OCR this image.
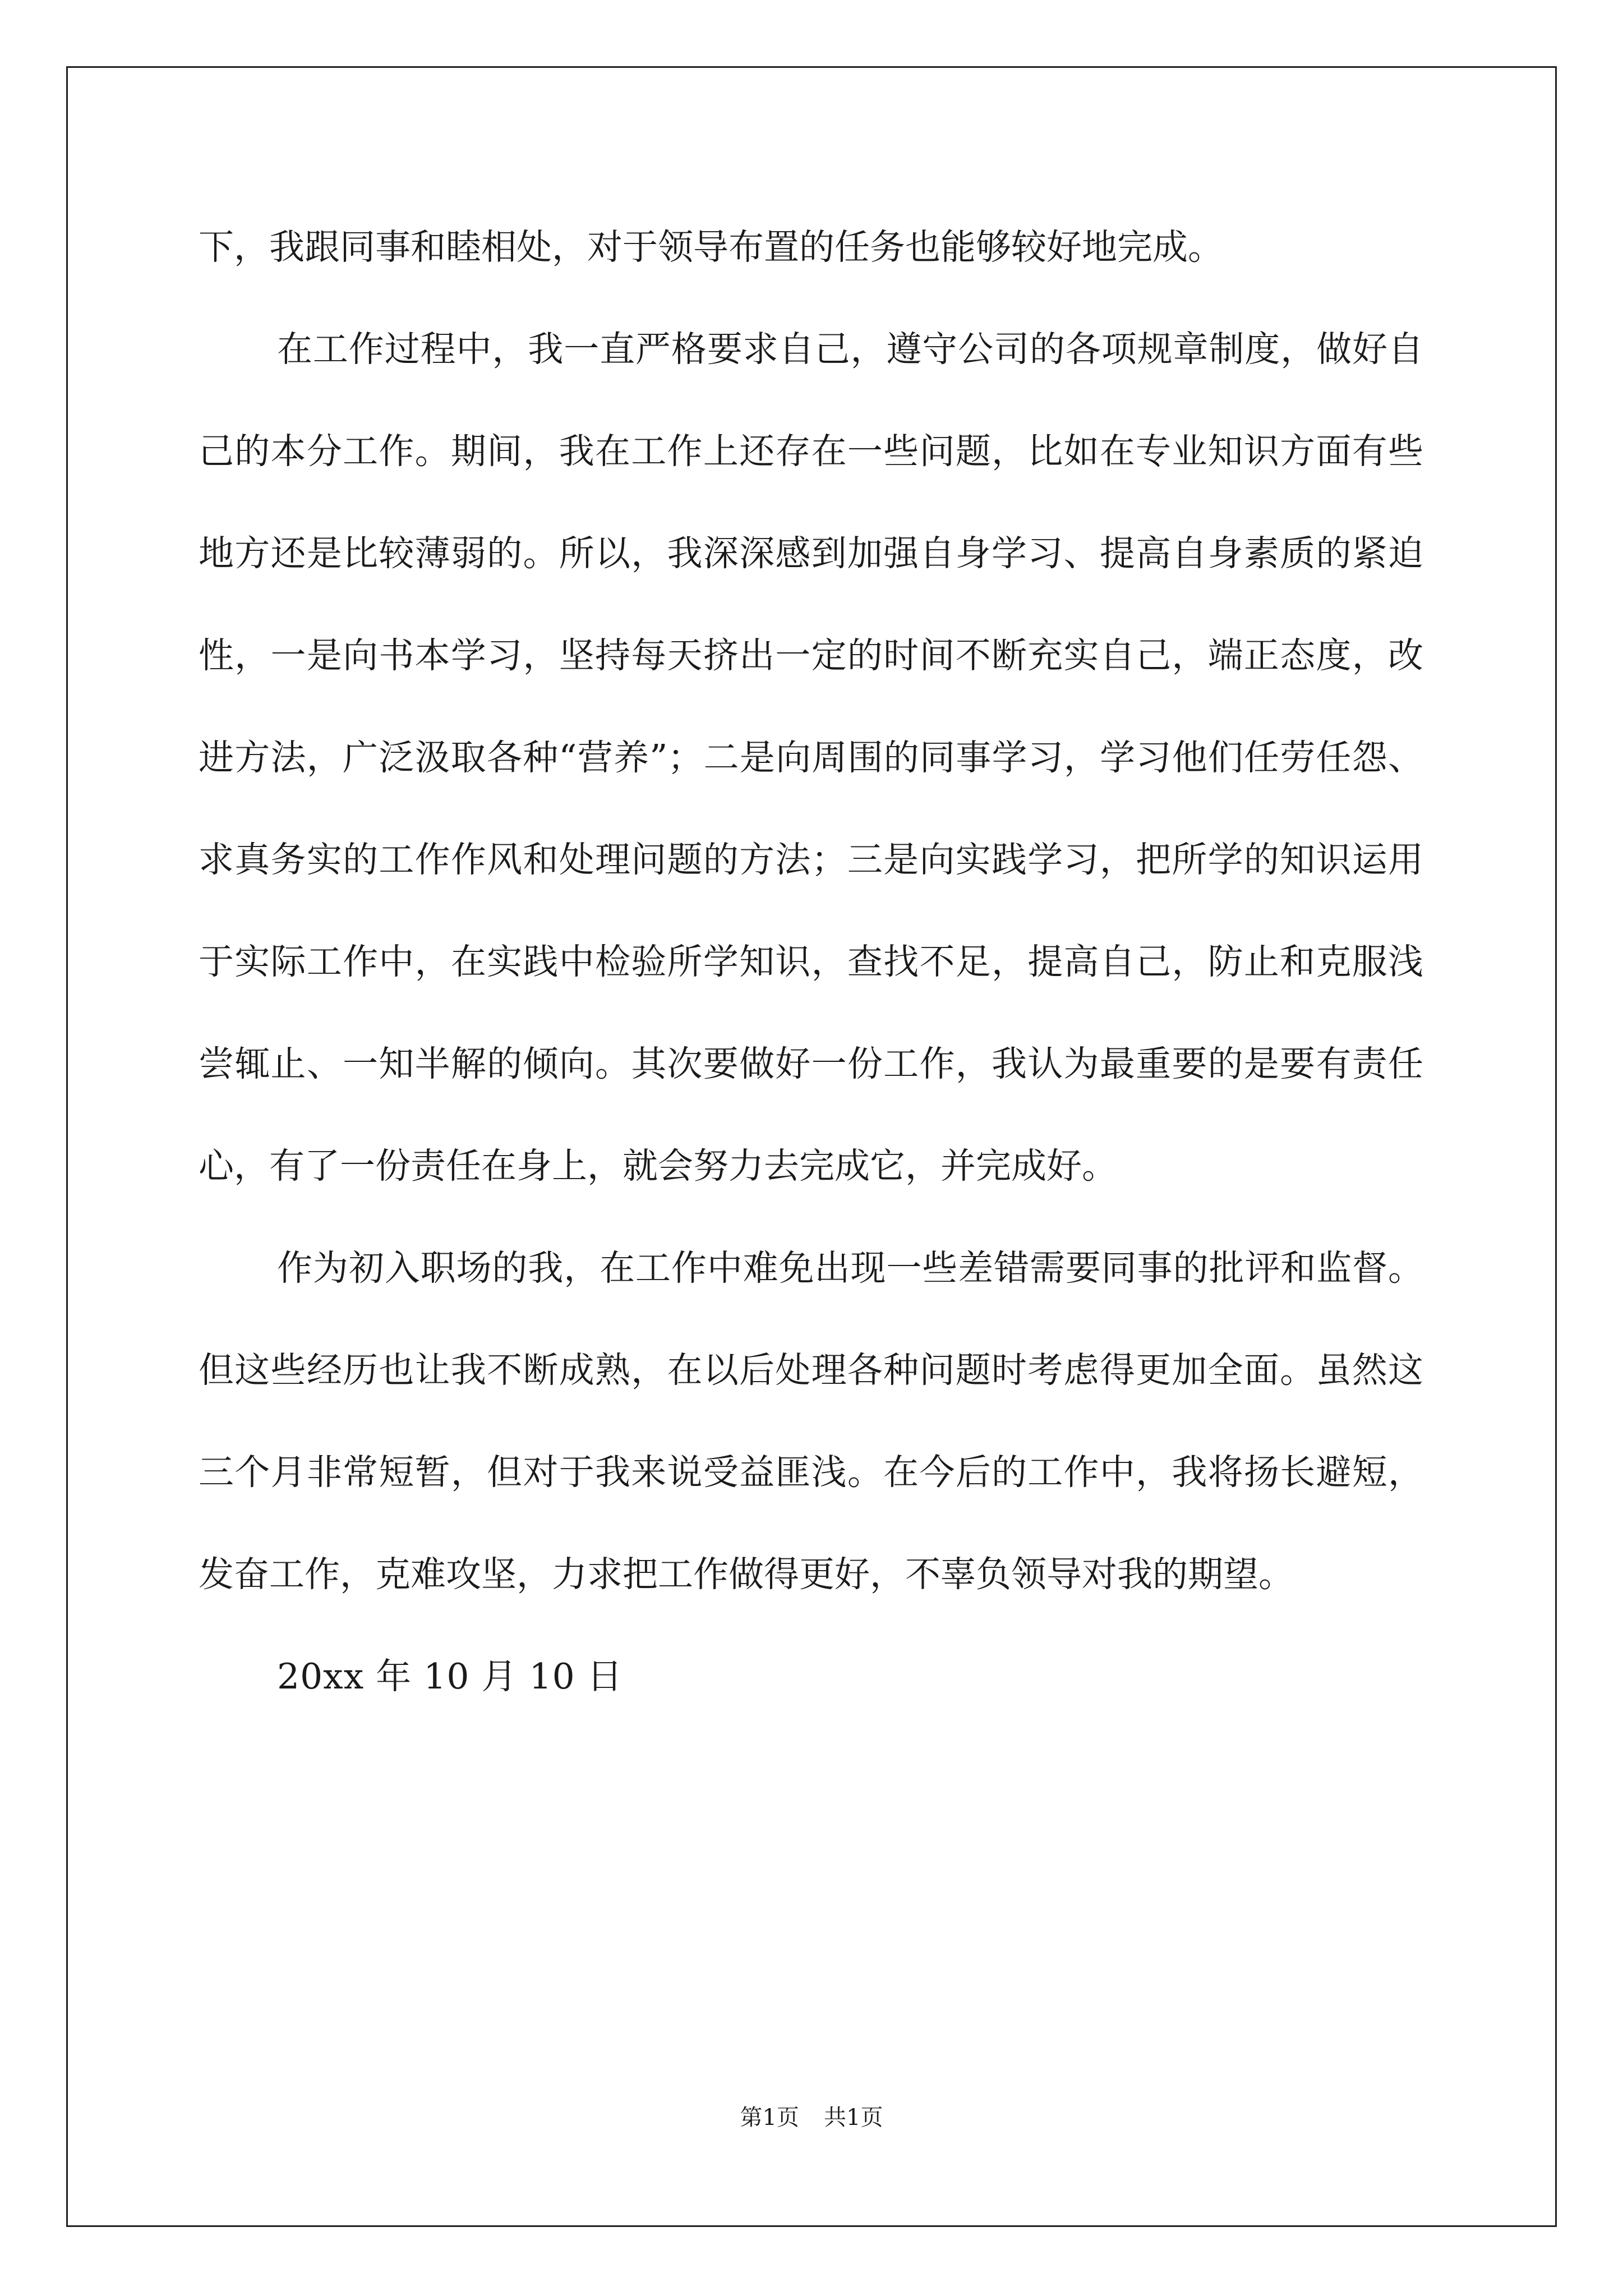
下，我跟同事和睦相处，对于领导布置的任务也能够较好地完成。

在工作过程中，我一直严格要求自己，遵守公司的各项规章制度，做好自己的本分工作。期间，我在工作上还存在一些问题，比如在专业知识方面有些地方还是比较薄弱的。所以，我深深感到加强自身学习、提高自身素质的紧迫性，一是向书本学习，坚持每天挤出一定的时间不断充实自己，端正态度，改进方法，广泛汲取各种“营养”；二是向周围的同事学习，学习他们任劳任怨、求真务实的工作作风和处理问题的方法；三是向实践学习，把所学的知识运用于实际工作中，在实践中检验所学知识，查找不足，提高自己，防止和克服浅尝辄止、一知半解的倾向。其次要做好一份工作，我认为最重要的是要有责任心，有了一份责任在身上，就会努力去完成它，并完成好。

作为初入职场的我，在工作中难免出现一些差错需要同事的批评和监督。但这些经历也让我不断成熟，在以后处理各种问题时考虑得更加全面。虽然这三个月非常短暂，但对于我来说受益匪浅。在今后的工作中，我将扬长避短，发奋工作，克难攻坚，力求把工作做得更好，不辜负领导对我的期望。

20xx 年 10 月 10 日

第1页 共1页
